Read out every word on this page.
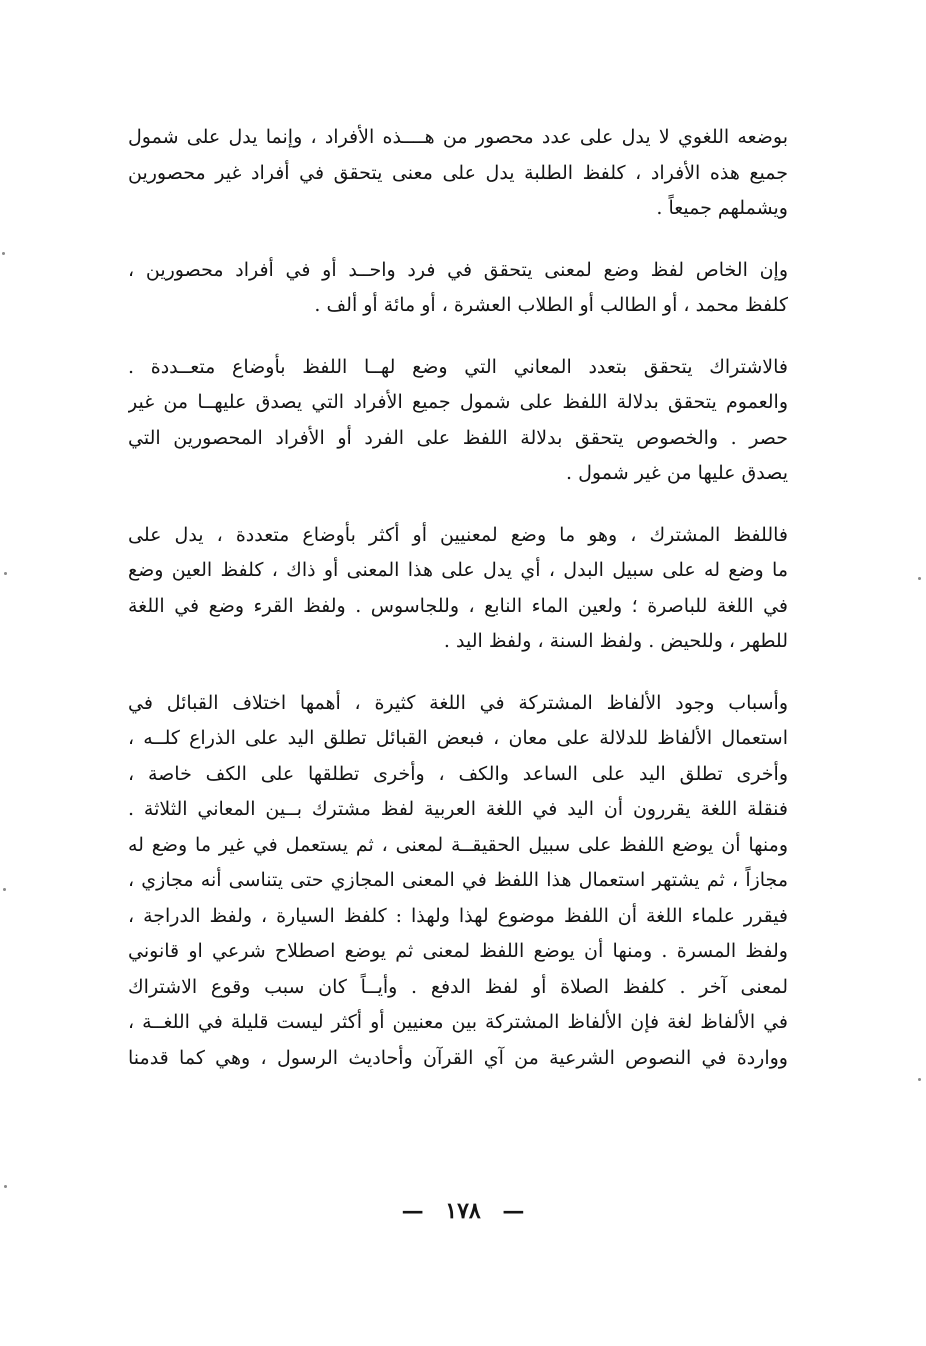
بوضعه اللغوي لا يدل على عدد محصور من هــــذه الأفراد ، وإنما يدل على شمول
جميع هذه الأفراد ، كلفظ الطلبة يدل على معنى يتحقق في أفراد غير محصورين
ويشملهم جميعاً .

وإن الخاص لفظ وضع لمعنى يتحقق في فرد واحــد أو في أفراد محصورين ،
كلفظ محمد ، أو الطالب أو الطلاب العشرة ، أو مائة أو ألف .

فالاشتراك يتحقق بتعدد المعاني التي وضع لهــا اللفظ بأوضاع متعــددة .
والعموم يتحقق بدلالة اللفظ على شمول جميع الأفراد التي يصدق عليهــا من غير
حصر . والخصوص يتحقق بدلالة اللفظ على الفرد أو الأفراد المحصورين التي
يصدق عليها من غير شمول .

فاللفظ المشترك ، وهو ما وضع لمعنيين أو أكثر بأوضاع متعددة ، يدل على
ما وضع له على سبيل البدل ، أي يدل على هذا المعنى أو ذاك ، كلفظ العين وضع
في اللغة للباصرة ؛ ولعين الماء النابع ، وللجاسوس . ولفظ القرء وضع في اللغة
للطهر ، وللحيض . ولفظ السنة ، ولفظ اليد .

وأسباب وجود الألفاظ المشتركة في اللغة كثيرة ، أهمها اختلاف القبائل في
استعمال الألفاظ للدلالة على معان ، فبعض القبائل تطلق اليد على الذراع كلــه ،
وأخرى تطلق اليد على الساعد والكف ، وأخرى تطلقها على الكف خاصة ،
فنقلة اللغة يقررون أن اليد في اللغة العربية لفظ مشترك بــين المعاني الثلاثة .
ومنها أن يوضع اللفظ على سبيل الحقيقــة لمعنى ، ثم يستعمل في غير ما وضع له
مجازاً ، ثم يشتهر استعمال هذا اللفظ في المعنى المجازي حتى يتناسى أنه مجازي ،
فيقرر علماء اللغة أن اللفظ موضوع لهذا ولهذا : كلفظ السيارة ، ولفظ الدراجة ،
ولفظ المسرة . ومنها أن يوضع اللفظ لمعنى ثم يوضع اصطلاح شرعي او قانوني
لمعنى آخر . كلفظ الصلاة أو لفظ الدفع . وأيــاً كان سبب وقوع الاشتراك
في الألفاظ لغة فإن الألفاظ المشتركة بين معنيين أو أكثر ليست قليلة في اللغــة ،
وواردة في النصوص الشرعية من آي القرآن وأحاديث الرسول ، وهي كما قدمنا

— ١٧٨ —
